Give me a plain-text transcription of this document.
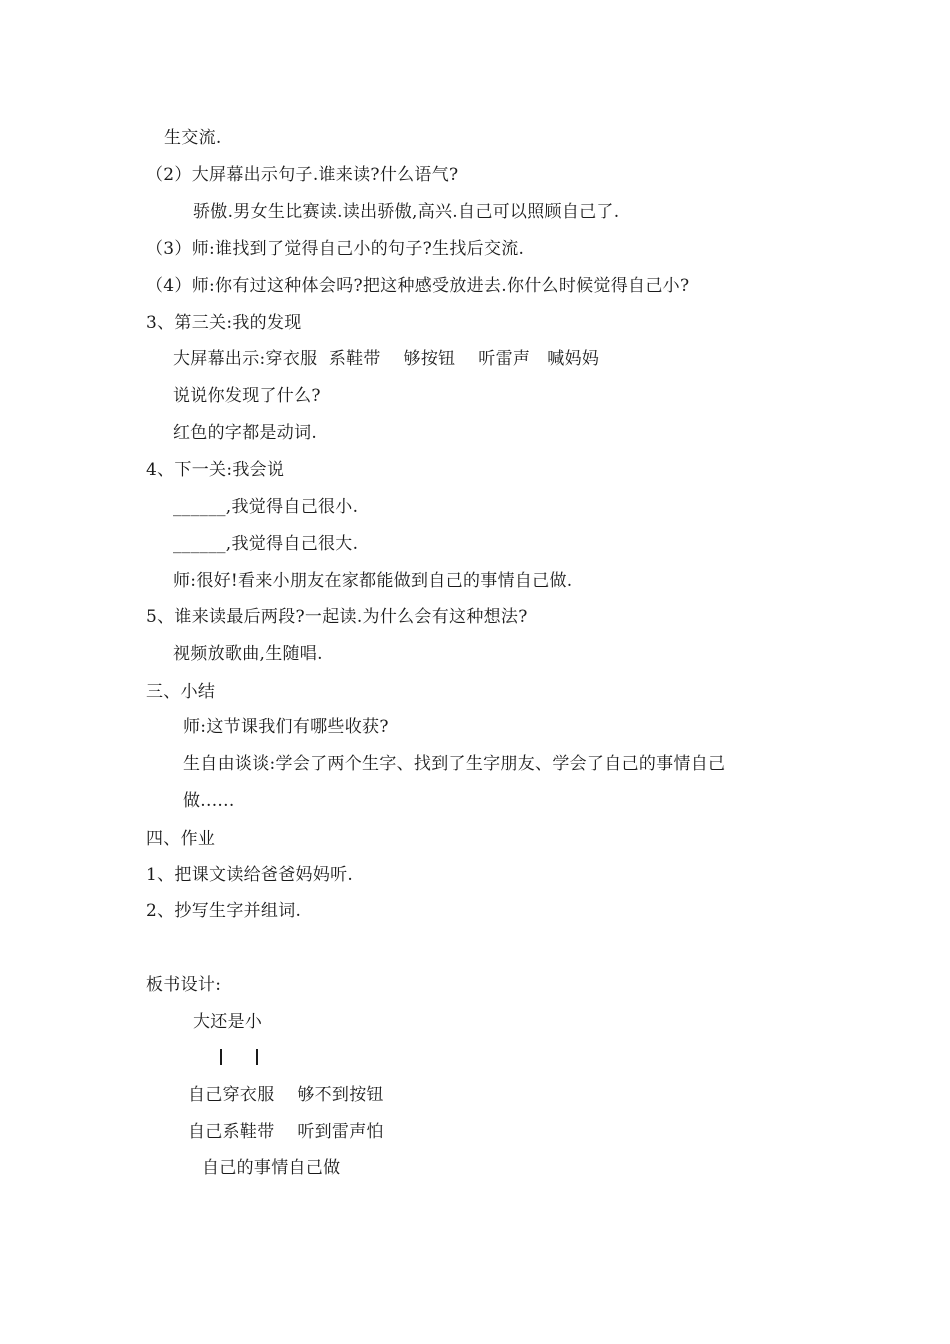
生交流.
（2）大屏幕出示句子.谁来读?什么语气?
骄傲.男女生比赛读.读出骄傲,高兴.自己可以照顾自己了.
（3）师:谁找到了觉得自己小的句子?生找后交流.
（4）师:你有过这种体会吗?把这种感受放进去.你什么时候觉得自己小?
3、第三关:我的发现
大屏幕出示:穿衣服  系鞋带    够按钮    听雷声   喊妈妈
说说你发现了什么?
红色的字都是动词.
4、下一关:我会说
______,我觉得自己很小.
______,我觉得自己很大.
师:很好!看来小朋友在家都能做到自己的事情自己做.
5、谁来读最后两段?一起读.为什么会有这种想法?
视频放歌曲,生随唱.
三、小结
师:这节课我们有哪些收获?
生自由谈谈:学会了两个生字、找到了生字朋友、学会了自己的事情自己
做......
四、作业
1、把课文读给爸爸妈妈听.
2、抄写生字并组词.
板书设计:
大还是小
自己穿衣服    够不到按钮
自己系鞋带    听到雷声怕
自己的事情自己做
